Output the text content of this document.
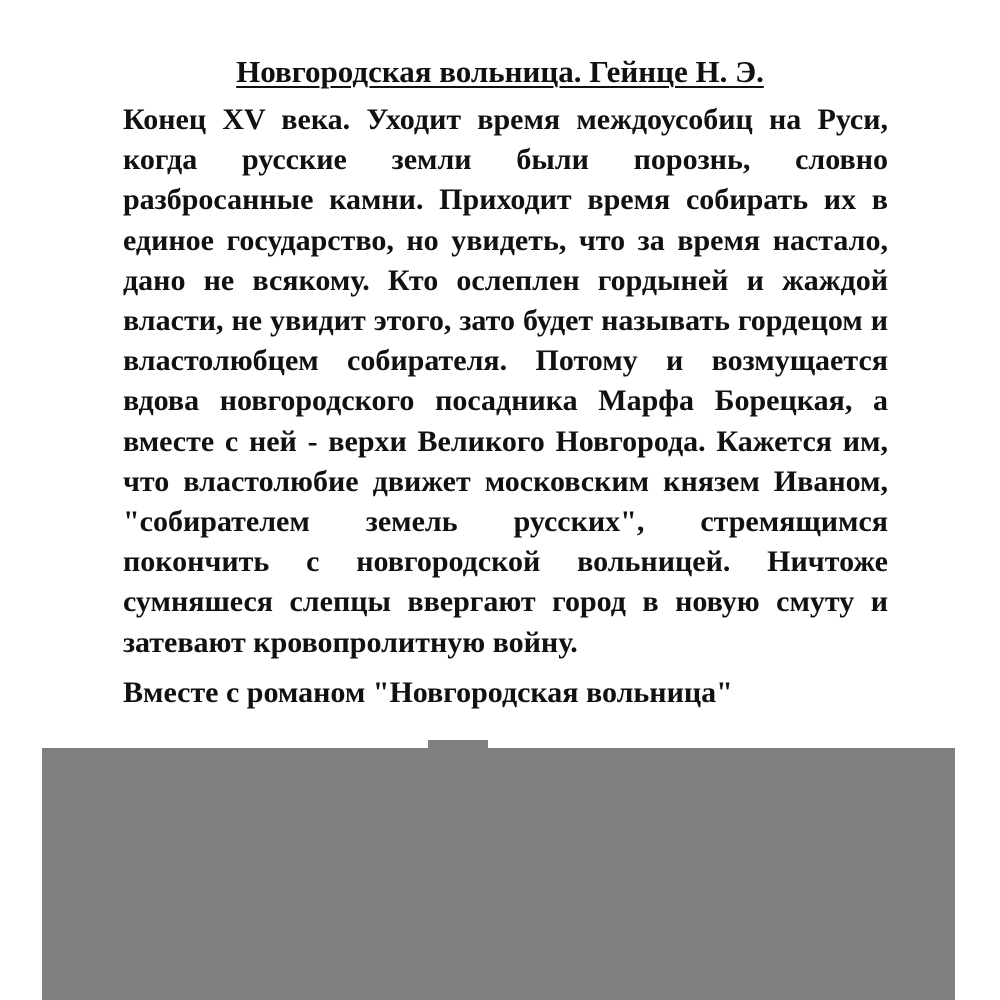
Новгородская вольница. Гейнце Н. Э.

Конец XV века. Уходит время междоусобиц на Руси, когда русские земли были порознь, словно разбросанные камни. Приходит время собирать их в единое государство, но увидеть, что за время настало, дано не всякому. Кто ослеплен гордыней и жаждой власти, не увидит этого, зато будет называть гордецом и властолюбцем собирателя. Потому и возмущается вдова новгородского посадника Марфа Борецкая, а вместе с ней - верхи Великого Новгорода. Кажется им, что властолюбие движет московским князем Иваном, "собирателем земель русских", стремящимся покончить с новгородской вольницей. Ничтоже сумняшеся слепцы ввергают город в новую смуту и затевают кровопролитную войну.

Вместе с романом "Новгородская вольница"
